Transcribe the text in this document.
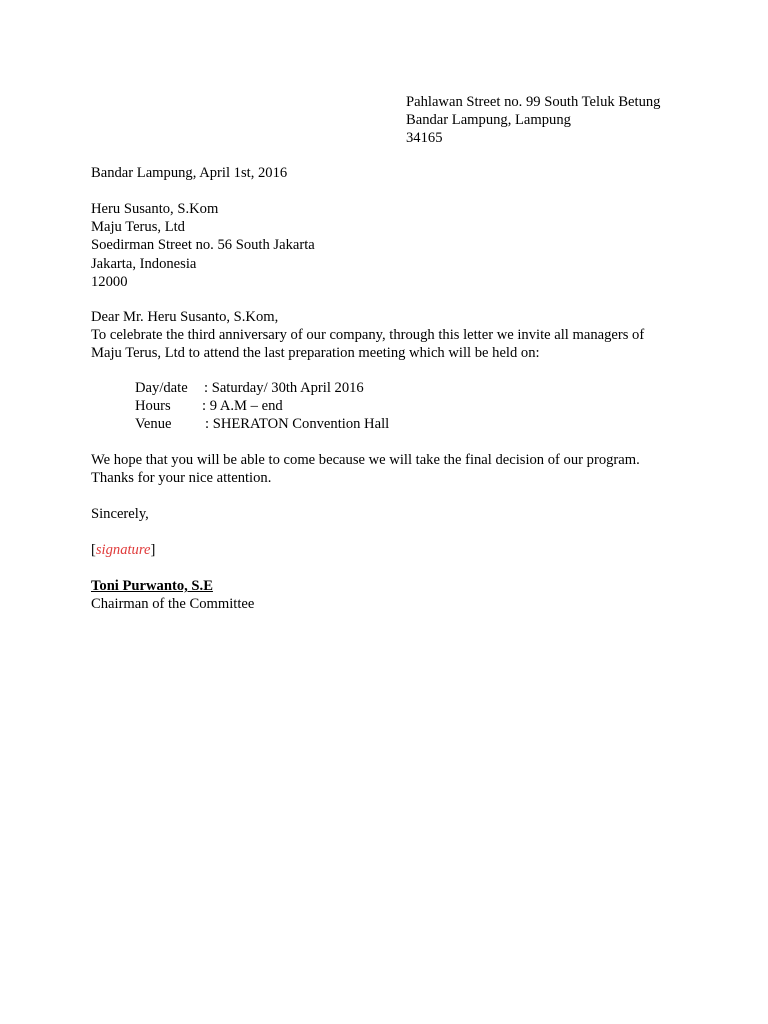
Pahlawan Street no. 99 South Teluk Betung
Bandar Lampung, Lampung
34165
Bandar Lampung, April 1st, 2016
Heru Susanto, S.Kom
Maju Terus, Ltd
Soedirman Street no. 56 South Jakarta
Jakarta, Indonesia
12000
Dear Mr. Heru Susanto, S.Kom,
To celebrate the third anniversary of our company, through this letter we invite all managers of
Maju Terus, Ltd to attend the last preparation meeting which will be held on:
Day/date : Saturday/ 30th April 2016
Hours : 9 A.M – end
Venue : SHERATON Convention Hall
We hope that you will be able to come because we will take the final decision of our program.
Thanks for your nice attention.
Sincerely,
[signature]
Toni Purwanto, S.E
Chairman of the Committee
